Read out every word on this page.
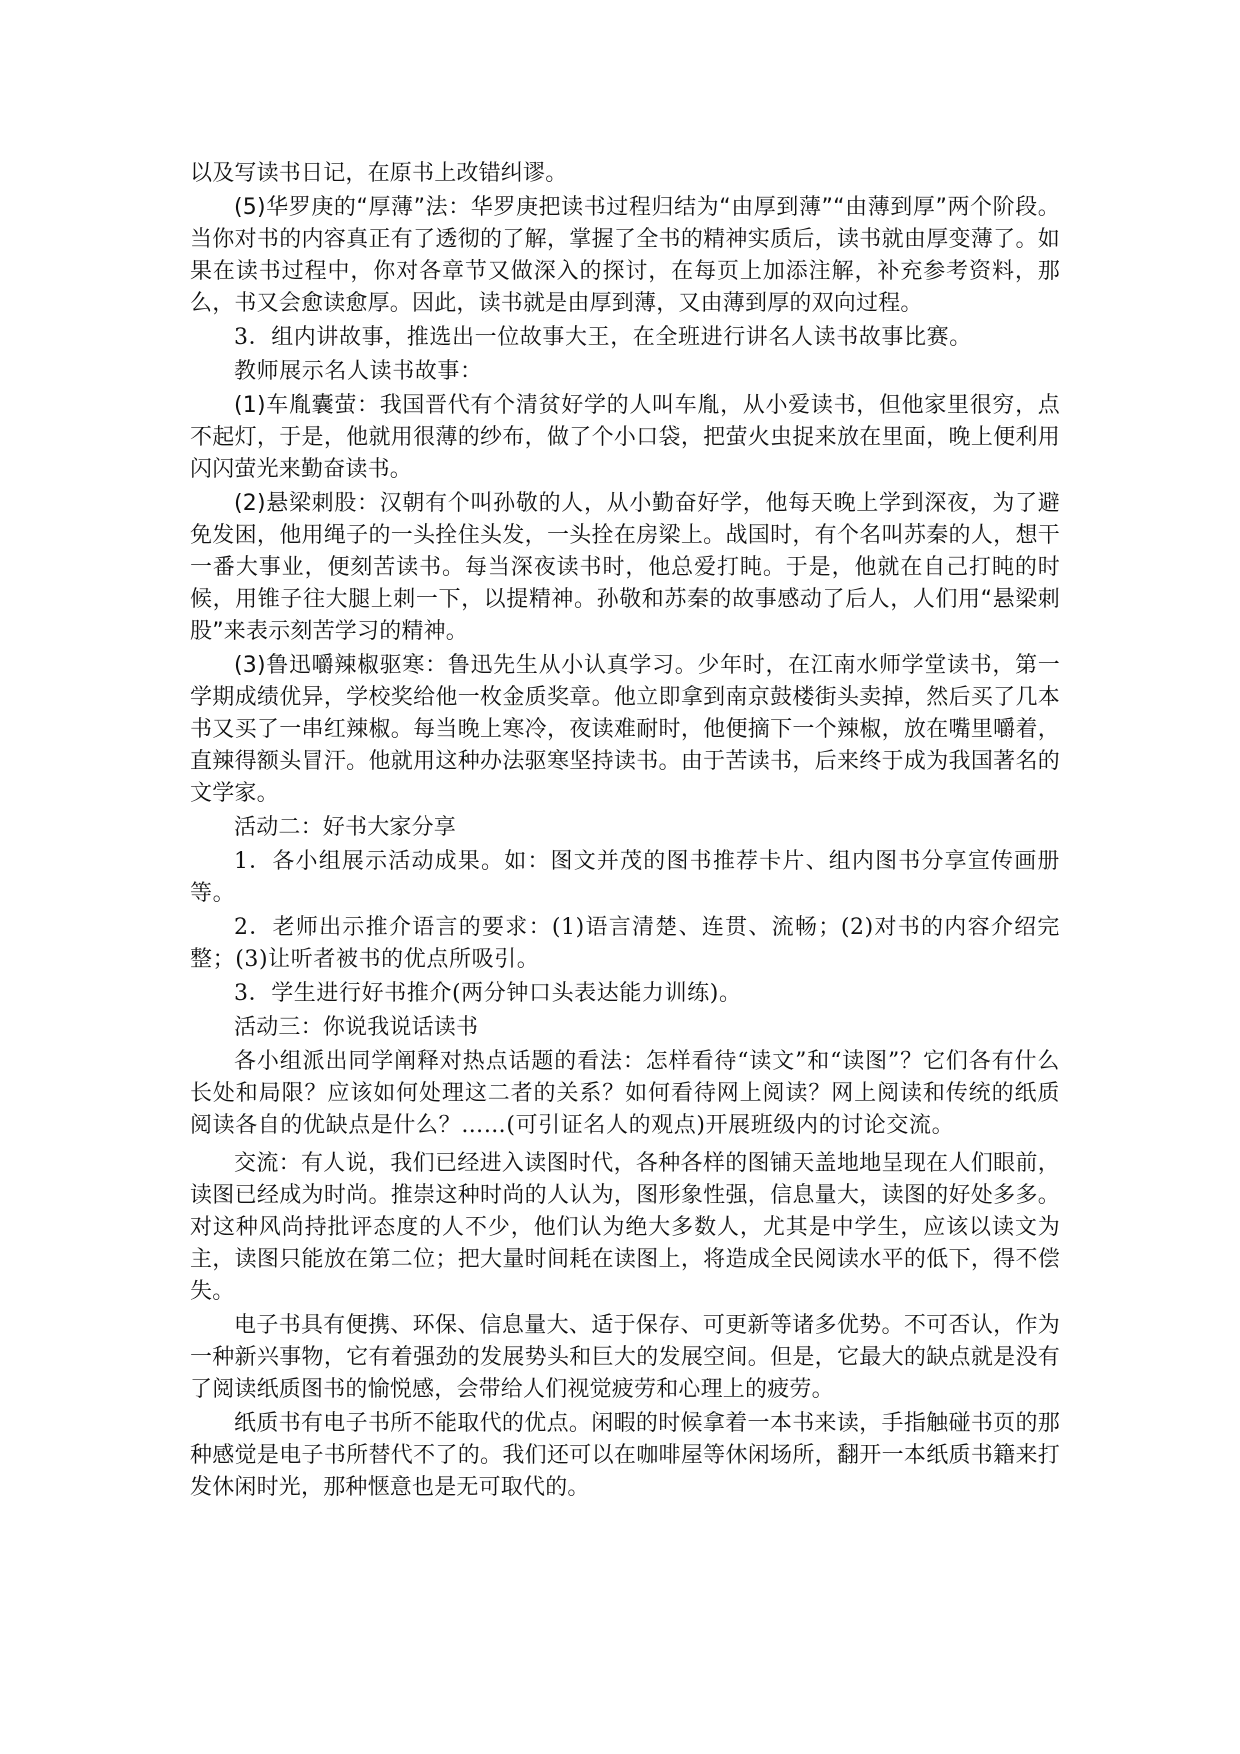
以及写读书日记，在原书上改错纠谬。

(5)华罗庚的“厚薄”法：华罗庚把读书过程归结为“由厚到薄”“由薄到厚”两个阶段。当你对书的内容真正有了透彻的了解，掌握了全书的精神实质后，读书就由厚变薄了。如果在读书过程中，你对各章节又做深入的探讨，在每页上加添注解，补充参考资料，那么，书又会愈读愈厚。因此，读书就是由厚到薄，又由薄到厚的双向过程。

3．组内讲故事，推选出一位故事大王，在全班进行讲名人读书故事比赛。

教师展示名人读书故事：

(1)车胤囊萤：我国晋代有个清贫好学的人叫车胤，从小爱读书，但他家里很穷，点不起灯，于是，他就用很薄的纱布，做了个小口袋，把萤火虫捉来放在里面，晚上便利用闪闪萤光来勤奋读书。

(2)悬梁刺股：汉朝有个叫孙敬的人，从小勤奋好学，他每天晚上学到深夜，为了避免发困，他用绳子的一头拴住头发，一头拴在房梁上。战国时，有个名叫苏秦的人，想干一番大事业，便刻苦读书。每当深夜读书时，他总爱打盹。于是，他就在自己打盹的时候，用锥子往大腿上刺一下，以提精神。孙敬和苏秦的故事感动了后人，人们用“悬梁刺股”来表示刻苦学习的精神。

(3)鲁迅嚼辣椒驱寒：鲁迅先生从小认真学习。少年时，在江南水师学堂读书，第一学期成绩优异，学校奖给他一枚金质奖章。他立即拿到南京鼓楼街头卖掉，然后买了几本书又买了一串红辣椒。每当晚上寒冷，夜读难耐时，他便摘下一个辣椒，放在嘴里嚼着，直辣得额头冒汗。他就用这种办法驱寒坚持读书。由于苦读书，后来终于成为我国著名的文学家。

活动二：好书大家分享

1．各小组展示活动成果。如：图文并茂的图书推荐卡片、组内图书分享宣传画册等。

2．老师出示推介语言的要求：(1)语言清楚、连贯、流畅；(2)对书的内容介绍完整；(3)让听者被书的优点所吸引。

3．学生进行好书推介(两分钟口头表达能力训练)。

活动三：你说我说话读书

各小组派出同学阐释对热点话题的看法：怎样看待“读文”和“读图”？它们各有什么长处和局限？应该如何处理这二者的关系？如何看待网上阅读？网上阅读和传统的纸质阅读各自的优缺点是什么？……(可引证名人的观点)开展班级内的讨论交流。

交流：有人说，我们已经进入读图时代，各种各样的图铺天盖地地呈现在人们眼前，读图已经成为时尚。推崇这种时尚的人认为，图形象性强，信息量大，读图的好处多多。对这种风尚持批评态度的人不少，他们认为绝大多数人，尤其是中学生，应该以读文为主，读图只能放在第二位；把大量时间耗在读图上，将造成全民阅读水平的低下，得不偿失。

电子书具有便携、环保、信息量大、适于保存、可更新等诸多优势。不可否认，作为一种新兴事物，它有着强劲的发展势头和巨大的发展空间。但是，它最大的缺点就是没有了阅读纸质图书的愉悦感，会带给人们视觉疲劳和心理上的疲劳。

纸质书有电子书所不能取代的优点。闲暇的时候拿着一本书来读，手指触碰书页的那种感觉是电子书所替代不了的。我们还可以在咖啡屋等休闲场所，翻开一本纸质书籍来打发休闲时光，那种惬意也是无可取代的。
